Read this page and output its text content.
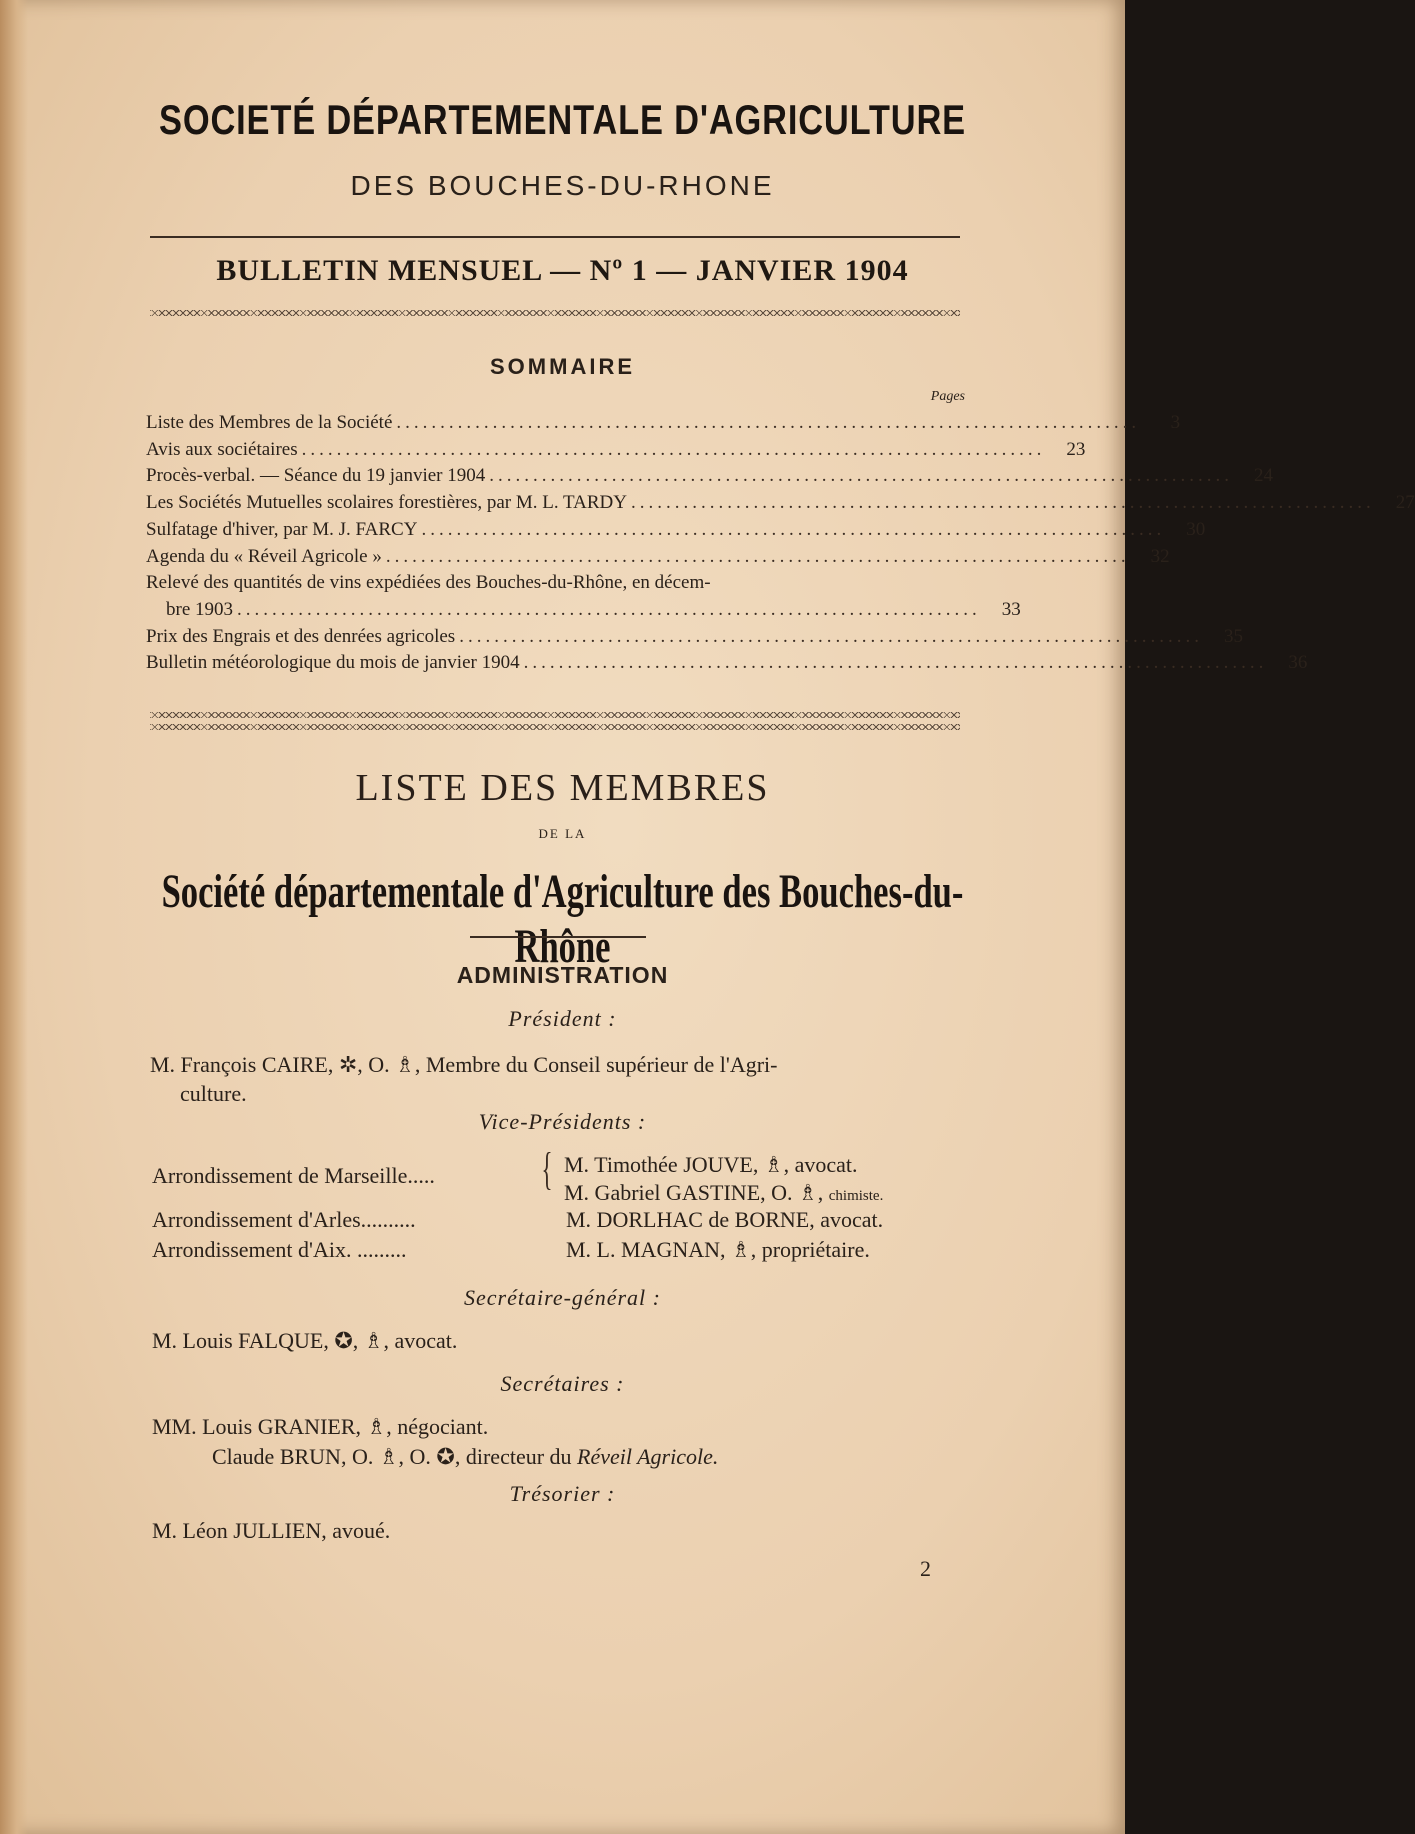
SOCIETÉ DÉPARTEMENTALE D'AGRICULTURE
DES BOUCHES-DU-RHONE
BULLETIN MENSUEL — Nº 1 — JANVIER 1904
SOMMAIRE
Pages
Liste des Membres de la Société .....................................................................................	3
Avis aux sociétaires .....................................................................................	23
Procès-verbal. — Séance du 19 janvier 1904 .....................................................................................	24
Les Sociétés Mutuelles scolaires forestières, par M. L. TARDY .....................................................................................	27
Sulfatage d'hiver, par M. J. FARCY .....................................................................................	30
Agenda du « Réveil Agricole » .....................................................................................	32
Relevé des quantités de vins expédiées des Bouches-du-Rhône, en décem-
bre 1903 .....................................................................................	33
Prix des Engrais et des denrées agricoles .....................................................................................	35
Bulletin météorologique du mois de janvier 1904 .....................................................................................	36
LISTE DES MEMBRES
DE LA
Société départementale d'Agriculture des Bouches-du-Rhône
ADMINISTRATION
Président :
M. François CAIRE, ✲, O. ♗, Membre du Conseil supérieur de l'Agri-
culture.
Vice-Présidents :
Arrondissement de Marseille..... { M. Timothée JOUVE, ♗, avocat.
M. Gabriel GASTINE, O. ♗, chimiste.
Arrondissement d'Arles..........	M. DORLHAC de BORNE, avocat.
Arrondissement d'Aix. .........	M. L. MAGNAN, ♗, propriétaire.
Secrétaire-général :
M. Louis FALQUE, ✪, ♗, avocat.
Secrétaires :
MM. Louis GRANIER, ♗, négociant.
Claude BRUN, O. ♗, O. ✪, directeur du Réveil Agricole.
Trésorier :
M. Léon JULLIEN, avoué.
2
